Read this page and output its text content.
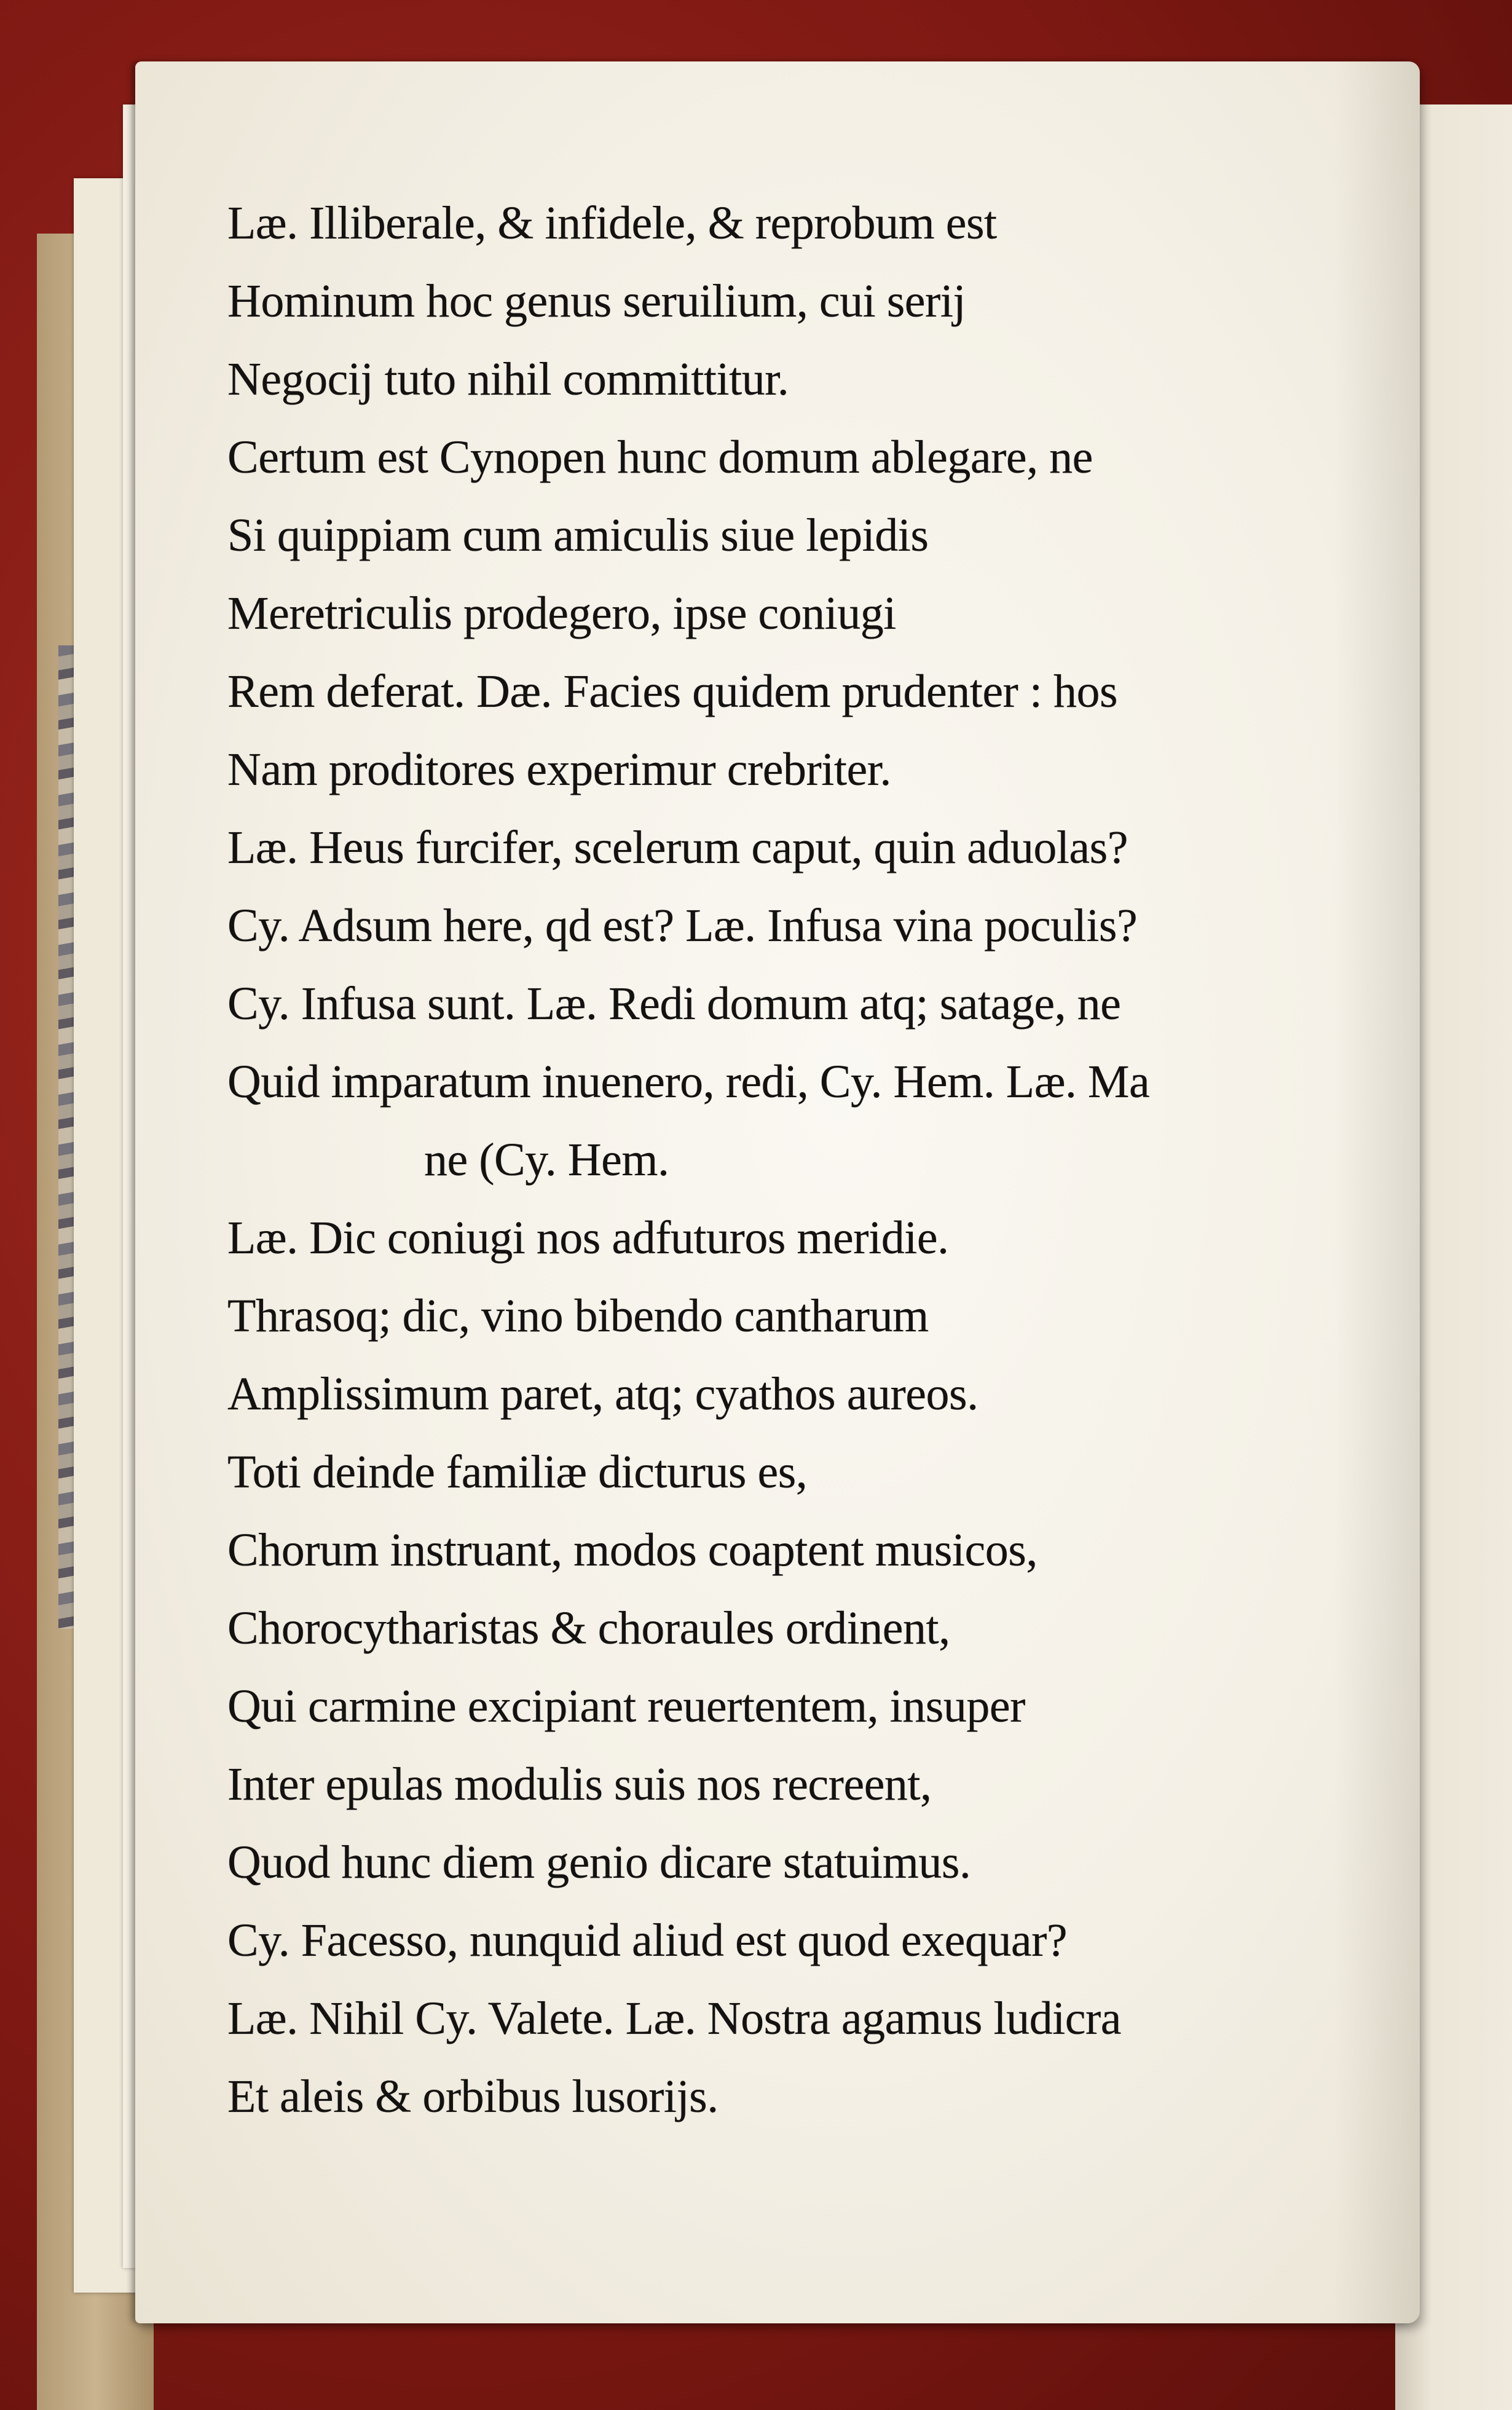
Læ. Illiberale, & infidele, & reprobum est
Hominum hoc genus seruilium, cui serij
Negocij tuto nihil committitur.
Certum est Cynopen hunc domum ablegare, ne
Si quippiam cum amiculis siue lepidis
Meretriculis prodegero, ipse coniugi
Rem deferat. Dæ. Facies quidem prudenter : hos
Nam proditores experimur crebriter.
Læ. Heus furcifer, scelerum caput, quin aduolas?
Cy. Adsum here, qd est? Læ. Infusa vina poculis?
Cy. Infusa sunt. Læ. Redi domum atq; satage, ne
Quid imparatum inuenero, redi, Cy. Hem. Læ. Ma
ne (Cy. Hem.
Læ. Dic coniugi nos adfuturos meridie.
Thrasoq; dic, vino bibendo cantharum
Amplissimum paret, atq; cyathos aureos.
Toti deinde familiæ dicturus es,
Chorum instruant, modos coaptent musicos,
Chorocytharistas & choraules ordinent,
Qui carmine excipiant reuertentem, insuper
Inter epulas modulis suis nos recreent,
Quod hunc diem genio dicare statuimus.
Cy. Facesso, nunquid aliud est quod exequar?
Læ. Nihil Cy. Valete. Læ. Nostra agamus ludicra
Et aleis & orbibus lusorijs.
